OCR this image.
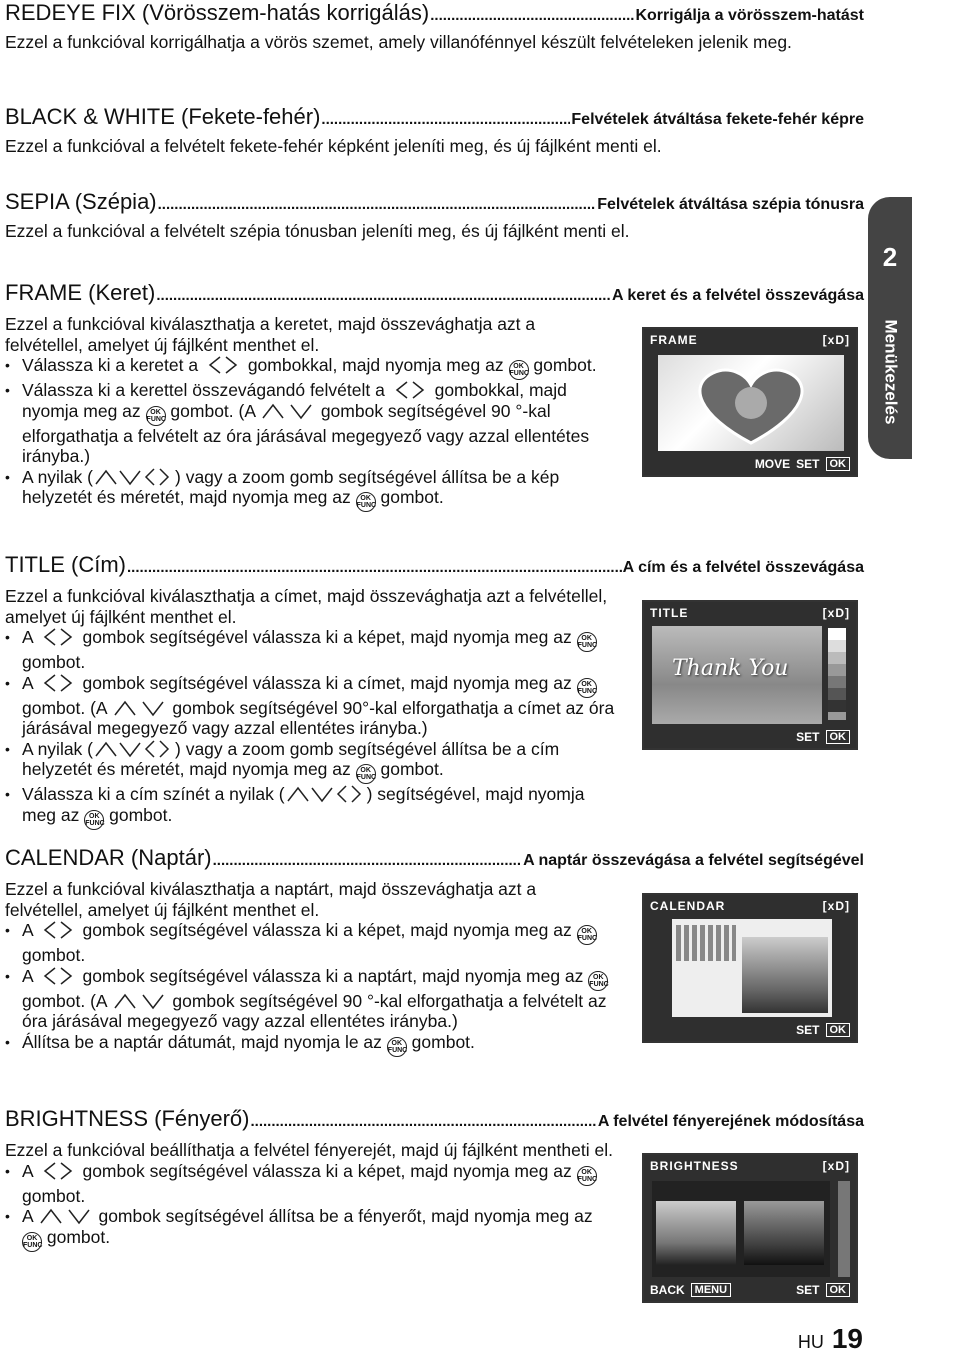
REDEYE FIX (Vörösszem-hatás korrigálás) .....	Korrigálja a vörösszem-hatást
Ezzel a funkcióval korrigálhatja a vörös szemet, amely villanófénnyel készült felvételeken jelenik meg.
BLACK & WHITE (Fekete-fehér) .....	Felvételek átváltása fekete-fehér képre
Ezzel a funkcióval a felvételt fekete-fehér képként jeleníti meg, és új fájlként menti el.
SEPIA (Szépia) .....	Felvételek átváltása szépia tónusra
Ezzel a funkcióval a felvételt szépia tónusban jeleníti meg, és új fájlként menti el.
FRAME (Keret) .....	A keret és a felvétel összevágása
Ezzel a funkcióval kiválaszthatja a keretet, majd összevághatja azt a felvétellel, amelyet új fájlként menthet el.
• Válassza ki a keretet a	gombokkal, majd nyomja meg az	OK
FUNC gombot.
• Válassza ki a kerettel összevágandó felvételt a	gombokkal, majd nyomja meg az	OK
FUNC gombot. (A	gombok segítségével 90 °-kal elforgathatja a felvételt az óra járásával megegyező vagy azzal ellentétes irányba.)
• A nyilak (	) vagy a zoom gomb segítségével állítsa be a kép helyzetét és méretét, majd nyomja meg az	OK
FUNC gombot.
FRAME	[xD]
MOVE SET OK
TITLE (Cím) .....	A cím és a felvétel összevágása
Ezzel a funkcióval kiválaszthatja a címet, majd összevághatja azt a felvétellel, amelyet új fájlként menthet el.
• A	gombok segítségével válassza ki a képet, majd nyomja meg az	OK
FUNC
gombot.
• A	gombok segítségével válassza ki a címet, majd nyomja meg az	OK
FUNC
gombot. (A	gombok segítségével 90°-kal elforgathatja a címet az óra járásával megegyező vagy azzal ellentétes irányba.)
• A nyilak (	) vagy a zoom gomb segítségével állítsa be a cím helyzetét és méretét, majd nyomja meg az	OK
FUNC gombot.
• Válassza ki a cím színét a nyilak (	) segítségével, majd nyomja meg az	OK
FUNC gombot.
TITLE	[xD]
Thank You
SET OK
CALENDAR (Naptár) .....	A naptár összevágása a felvétel segítségével
Ezzel a funkcióval kiválaszthatja a naptárt, majd összevághatja azt a felvétellel, amelyet új fájlként menthet el.
• A	gombok segítségével válassza ki a képet, majd nyomja meg az	OK
FUNC
gombot.
• A	gombok segítségével válassza ki a naptárt, majd nyomja meg az	OK
FUNC
gombot. (A	gombok segítségével 90 °-kal elforgathatja a felvételt az óra járásával megegyező vagy azzal ellentétes irányba.)
• Állítsa be a naptár dátumát, majd nyomja le az	OK
FUNC gombot.
CALENDAR	[xD]
SET OK
BRIGHTNESS (Fényerő) .....	A felvétel fényerejének módosítása
Ezzel a funkcióval beállíthatja a felvétel fényerejét, majd új fájlként mentheti el.
• A	gombok segítségével válassza ki a képet, majd nyomja meg az	OK
FUNC
gombot.
• A	gombok segítségével állítsa be a fényerőt, majd nyomja meg az
OK
FUNC gombot.
BRIGHTNESS	[xD]
BACK MENU	SET OK
2
Menükezelés
HU 19
